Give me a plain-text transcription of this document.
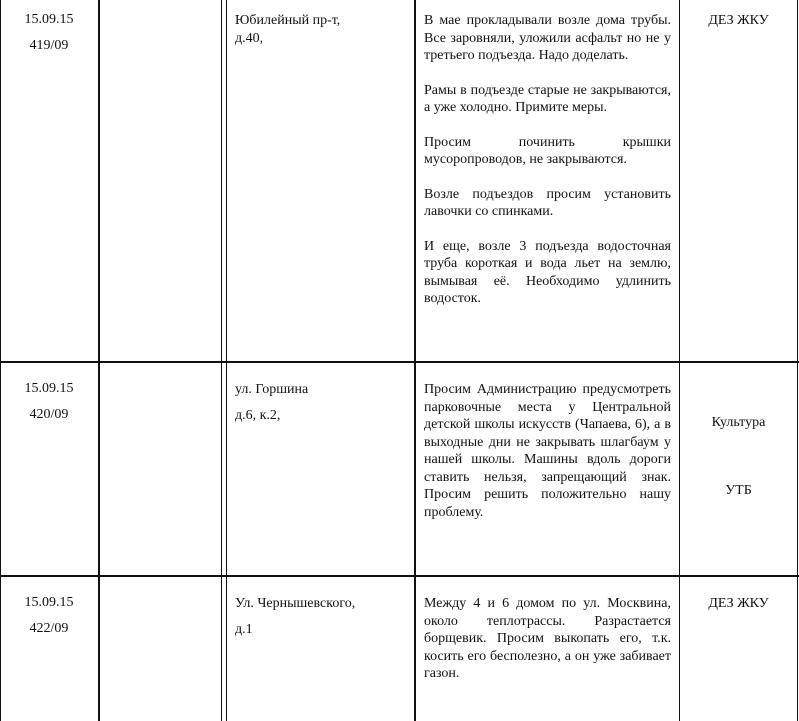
15.09.15
419/09
Юбилейный пр-т,
д.40,

В мае прокладывали возле дома трубы. Все заровняли, уложили асфальт но не у третьего подъезда. Надо доделать.

Рамы в подъезде старые не закрываются, а уже холодно. Примите меры.

Просим починить крышки мусоропроводов, не закрываются.

Возле подъездов просим установить лавочки со спинками.

И еще, возле 3 подъезда водосточная труба короткая и вода льет на землю, вымывая её. Необходимо удлинить водосток.

ДЕЗ ЖКУ
15.09.15
420/09
ул. Горшина
д.6, к.2,

Просим Администрацию предусмотреть парковочные места у Центральной детской школы искусств (Чапаева, 6), а в выходные дни не закрывать шлагбаум у нашей школы. Машины вдоль дороги ставить нельзя, запрещающий знак. Просим решить положительно нашу проблему.

Культура
УТБ
15.09.15
422/09
Ул. Чернышевского,
д.1

Между 4 и 6 домом по ул. Москвина, около теплотрассы. Разрастается борщевик. Просим выкопать его, т.к. косить его бесполезно, а он уже забивает газон.

ДЕЗ ЖКУ
